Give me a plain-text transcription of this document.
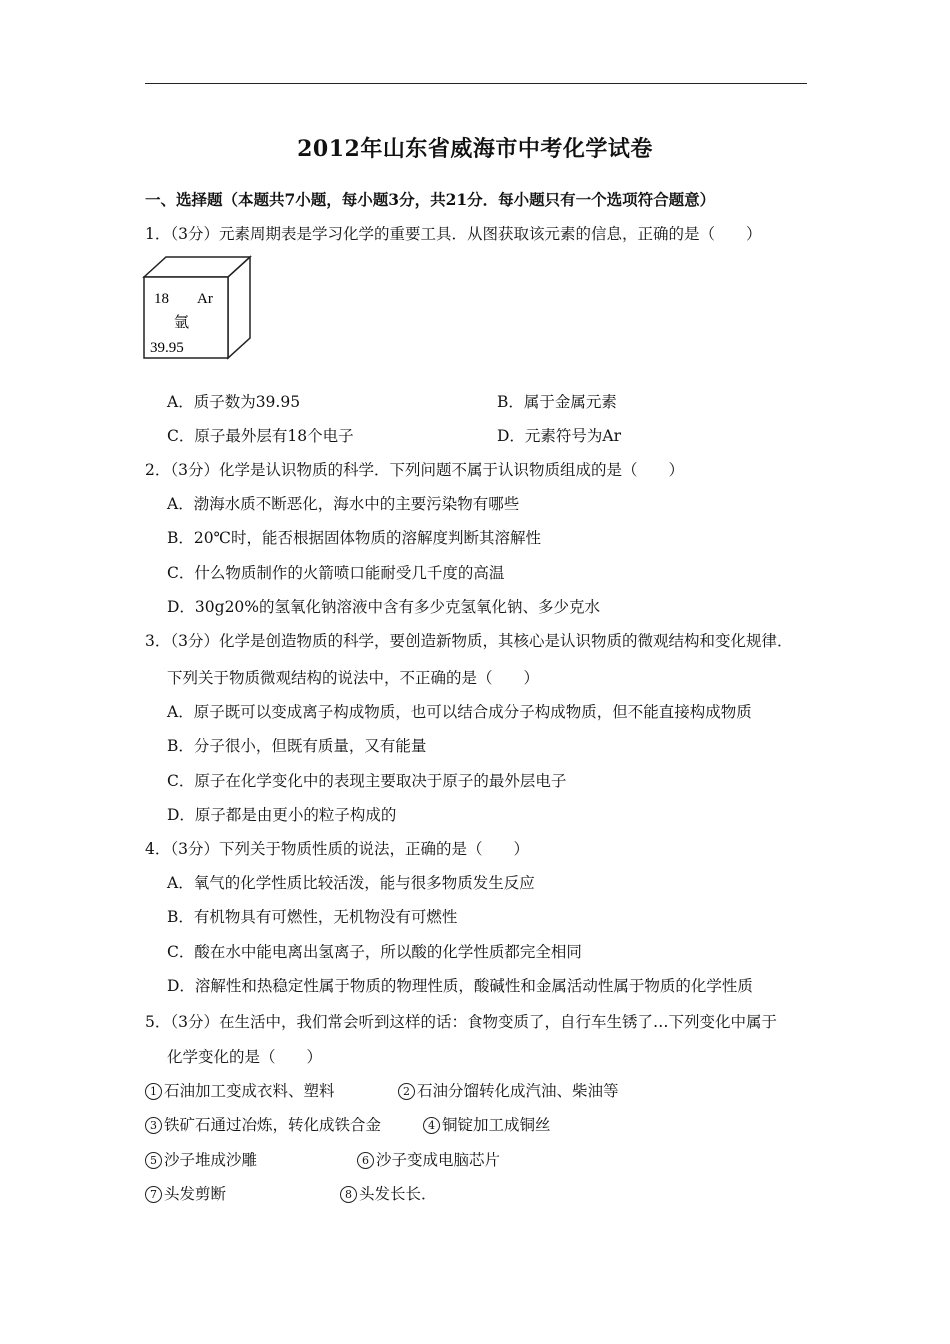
2012年山东省威海市中考化学试卷
一、选择题（本题共7小题，每小题3分，共21分．每小题只有一个选项符合题意）
1．（3分）元素周期表是学习化学的重要工具．从图获取该元素的信息，正确的是（　　）
18 Ar
氩
39.95
A．质子数为39.95	B．属于金属元素
C．原子最外层有18个电子	D．元素符号为Ar
2．（3分）化学是认识物质的科学．下列问题不属于认识物质组成的是（　　）
A．渤海水质不断恶化，海水中的主要污染物有哪些
B．20℃时，能否根据固体物质的溶解度判断其溶解性
C．什么物质制作的火箭喷口能耐受几千度的高温
D．30g20%的氢氧化钠溶液中含有多少克氢氧化钠、多少克水
3．（3分）化学是创造物质的科学，要创造新物质，其核心是认识物质的微观结构和变化规律．
下列关于物质微观结构的说法中，不正确的是（　　）
A．原子既可以变成离子构成物质，也可以结合成分子构成物质，但不能直接构成物质
B．分子很小，但既有质量，又有能量
C．原子在化学变化中的表现主要取决于原子的最外层电子
D．原子都是由更小的粒子构成的
4．（3分）下列关于物质性质的说法，正确的是（　　）
A．氧气的化学性质比较活泼，能与很多物质发生反应
B．有机物具有可燃性，无机物没有可燃性
C．酸在水中能电离出氢离子，所以酸的化学性质都完全相同
D．溶解性和热稳定性属于物质的物理性质，酸碱性和金属活动性属于物质的化学性质
5．（3分）在生活中，我们常会听到这样的话：食物变质了，自行车生锈了…下列变化中属于
化学变化的是（　　）
1 石油加工变成衣料、塑料	2 石油分馏转化成汽油、柴油等
3 铁矿石通过冶炼，转化成铁合金	4 铜锭加工成铜丝
5 沙子堆成沙雕	6 沙子变成电脑芯片
7 头发剪断	8 头发长长．
